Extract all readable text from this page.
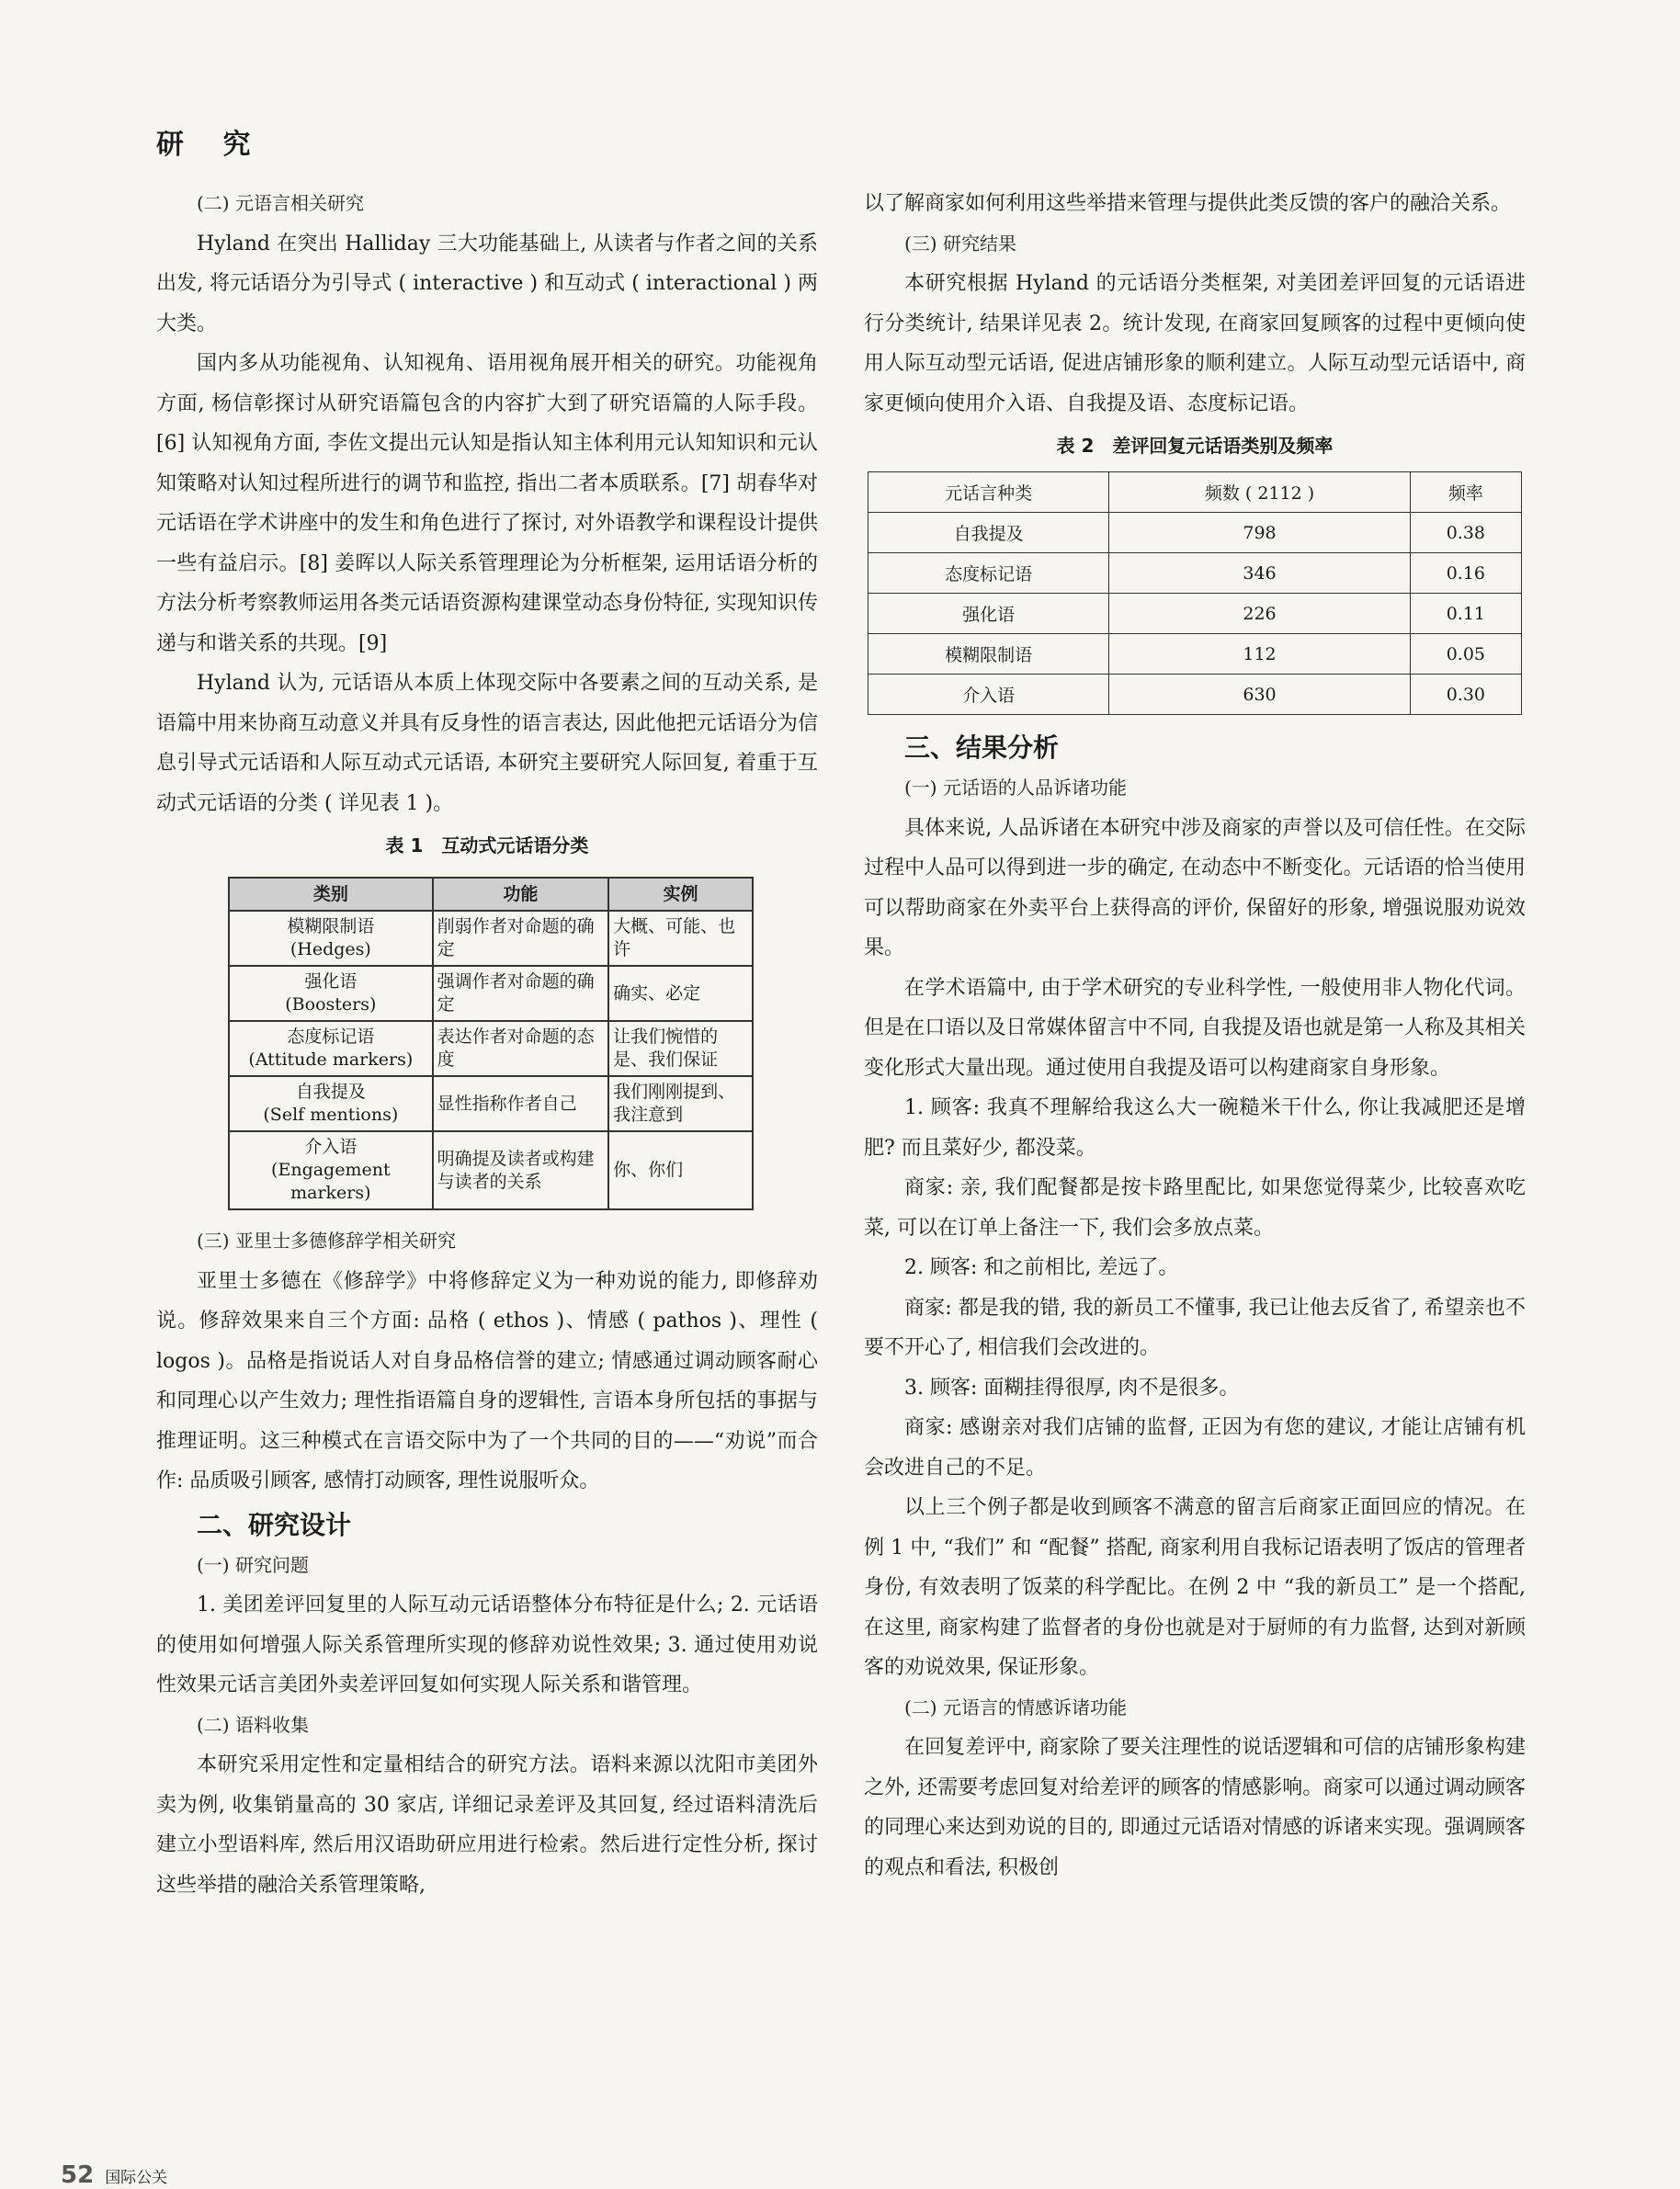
研 究
(二) 元语言相关研究

Hyland 在突出 Halliday 三大功能基础上, 从读者与作者之间的关系出发, 将元话语分为引导式 ( interactive ) 和互动式 ( interactional ) 两大类。

国内多从功能视角、认知视角、语用视角展开相关的研究。功能视角方面, 杨信彰探讨从研究语篇包含的内容扩大到了研究语篇的人际手段。[6] 认知视角方面, 李佐文提出元认知是指认知主体利用元认知知识和元认知策略对认知过程所进行的调节和监控, 指出二者本质联系。[7] 胡春华对元话语在学术讲座中的发生和角色进行了探讨, 对外语教学和课程设计提供一些有益启示。[8] 姜晖以人际关系管理理论为分析框架, 运用话语分析的方法分析考察教师运用各类元话语资源构建课堂动态身份特征, 实现知识传递与和谐关系的共现。[9]

Hyland 认为, 元话语从本质上体现交际中各要素之间的互动关系, 是语篇中用来协商互动意义并具有反身性的语言表达, 因此他把元话语分为信息引导式元话语和人际互动式元话语, 本研究主要研究人际回复, 着重于互动式元话语的分类 ( 详见表 1 )。

表 1　互动式元话语分类
类别	功能	实例

模糊限制语
(Hedges)	削弱作者对命题的确定	大概、可能、也许

强化语
(Boosters)	强调作者对命题的确定	确实、必定

态度标记语
(Attitude markers)	表达作者对命题的态度	让我们惋惜的是、我们保证

自我提及
(Self mentions)	显性指称作者自己	我们刚刚提到、我注意到

介入语
(Engagement markers)	明确提及读者或构建与读者的关系	你、你们
(三) 亚里士多德修辞学相关研究

亚里士多德在《修辞学》中将修辞定义为一种劝说的能力, 即修辞劝说。修辞效果来自三个方面: 品格 ( ethos )、情感 ( pathos )、理性 ( logos )。品格是指说话人对自身品格信誉的建立; 情感通过调动顾客耐心和同理心以产生效力; 理性指语篇自身的逻辑性, 言语本身所包括的事据与推理证明。这三种模式在言语交际中为了一个共同的目的——“劝说”而合作: 品质吸引顾客, 感情打动顾客, 理性说服听众。

二、研究设计
(一) 研究问题

1. 美团差评回复里的人际互动元话语整体分布特征是什么; 2. 元话语的使用如何增强人际关系管理所实现的修辞劝说性效果; 3. 通过使用劝说性效果元话言美团外卖差评回复如何实现人际关系和谐管理。

(二) 语料收集

本研究采用定性和定量相结合的研究方法。语料来源以沈阳市美团外卖为例, 收集销量高的 30 家店, 详细记录差评及其回复, 经过语料清洗后建立小型语料库, 然后用汉语助研应用进行检索。然后进行定性分析, 探讨这些举措的融洽关系管理策略,

以了解商家如何利用这些举措来管理与提供此类反馈的客户的融洽关系。

(三) 研究结果

本研究根据 Hyland 的元话语分类框架, 对美团差评回复的元话语进行分类统计, 结果详见表 2。统计发现, 在商家回复顾客的过程中更倾向使用人际互动型元话语, 促进店铺形象的顺利建立。人际互动型元话语中, 商家更倾向使用介入语、自我提及语、态度标记语。

表 2　差评回复元话语类别及频率
元话言种类	频数 ( 2112 )	频率
自我提及	798	0.38
态度标记语	346	0.16
强化语	226	0.11
模糊限制语	112	0.05
介入语	630	0.30
三、结果分析
(一) 元话语的人品诉诸功能

具体来说, 人品诉诸在本研究中涉及商家的声誉以及可信任性。在交际过程中人品可以得到进一步的确定, 在动态中不断变化。元话语的恰当使用可以帮助商家在外卖平台上获得高的评价, 保留好的形象, 增强说服劝说效果。

在学术语篇中, 由于学术研究的专业科学性, 一般使用非人物化代词。但是在口语以及日常媒体留言中不同, 自我提及语也就是第一人称及其相关变化形式大量出现。通过使用自我提及语可以构建商家自身形象。

1. 顾客: 我真不理解给我这么大一碗糙米干什么, 你让我减肥还是增肥? 而且菜好少, 都没菜。

商家: 亲, 我们配餐都是按卡路里配比, 如果您觉得菜少, 比较喜欢吃菜, 可以在订单上备注一下, 我们会多放点菜。

2. 顾客: 和之前相比, 差远了。

商家: 都是我的错, 我的新员工不懂事, 我已让他去反省了, 希望亲也不要不开心了, 相信我们会改进的。

3. 顾客: 面糊挂得很厚, 肉不是很多。

商家: 感谢亲对我们店铺的监督, 正因为有您的建议, 才能让店铺有机会改进自己的不足。

以上三个例子都是收到顾客不满意的留言后商家正面回应的情况。在例 1 中, “我们” 和 “配餐” 搭配, 商家利用自我标记语表明了饭店的管理者身份, 有效表明了饭菜的科学配比。在例 2 中 “我的新员工” 是一个搭配, 在这里, 商家构建了监督者的身份也就是对于厨师的有力监督, 达到对新顾客的劝说效果, 保证形象。

(二) 元语言的情感诉诸功能

在回复差评中, 商家除了要关注理性的说话逻辑和可信的店铺形象构建之外, 还需要考虑回复对给差评的顾客的情感影响。商家可以通过调动顾客的同理心来达到劝说的目的, 即通过元话语对情感的诉诸来实现。强调顾客的观点和看法, 积极创

52 国际公关
